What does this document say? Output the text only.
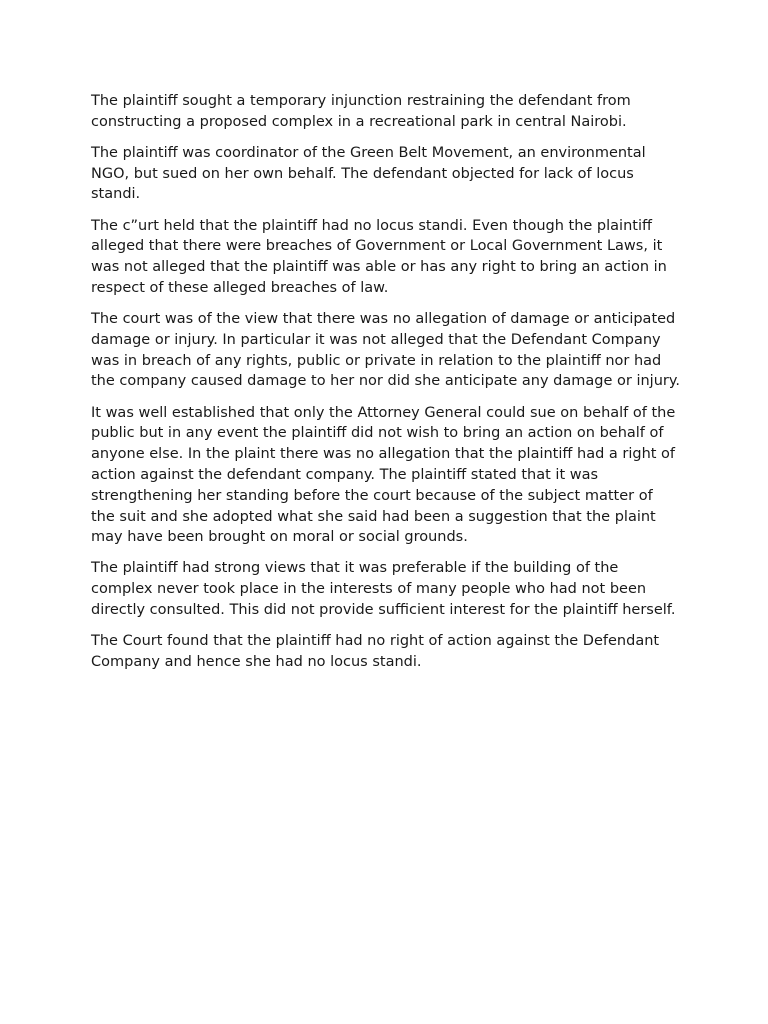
The plaintiff sought a temporary injunction restraining the defendant from constructing a proposed complex in a recreational park in central Nairobi.

The plaintiff was coordinator of the Green Belt Movement, an environmental NGO, but sued on her own behalf. The defendant objected for lack of locus standi.

The c”urt held that the plaintiff had no locus standi. Even though the plaintiff alleged that there were breaches of Government or Local Government Laws, it was not alleged that the plaintiff was able or has any right to bring an action in respect of these alleged breaches of law.

The court was of the view that there was no allegation of damage or anticipated damage or injury. In particular it was not alleged that the Defendant Company was in breach of any rights, public or private in relation to the plaintiff nor had the company caused damage to her nor did she anticipate any damage or injury.

It was well established that only the Attorney General could sue on behalf of the public but in any event the plaintiff did not wish to bring an action on behalf of anyone else. In the plaint there was no allegation that the plaintiff had a right of action against the defendant company. The plaintiff stated that it was strengthening her standing before the court because of the subject matter of the suit and she adopted what she said had been a suggestion that the plaint may have been brought on moral or social grounds.

The plaintiff had strong views that it was preferable if the building of the complex never took place in the interests of many people who had not been directly consulted. This did not provide sufficient interest for the plaintiff herself.

The Court found that the plaintiff had no right of action against the Defendant Company and hence she had no locus standi.
